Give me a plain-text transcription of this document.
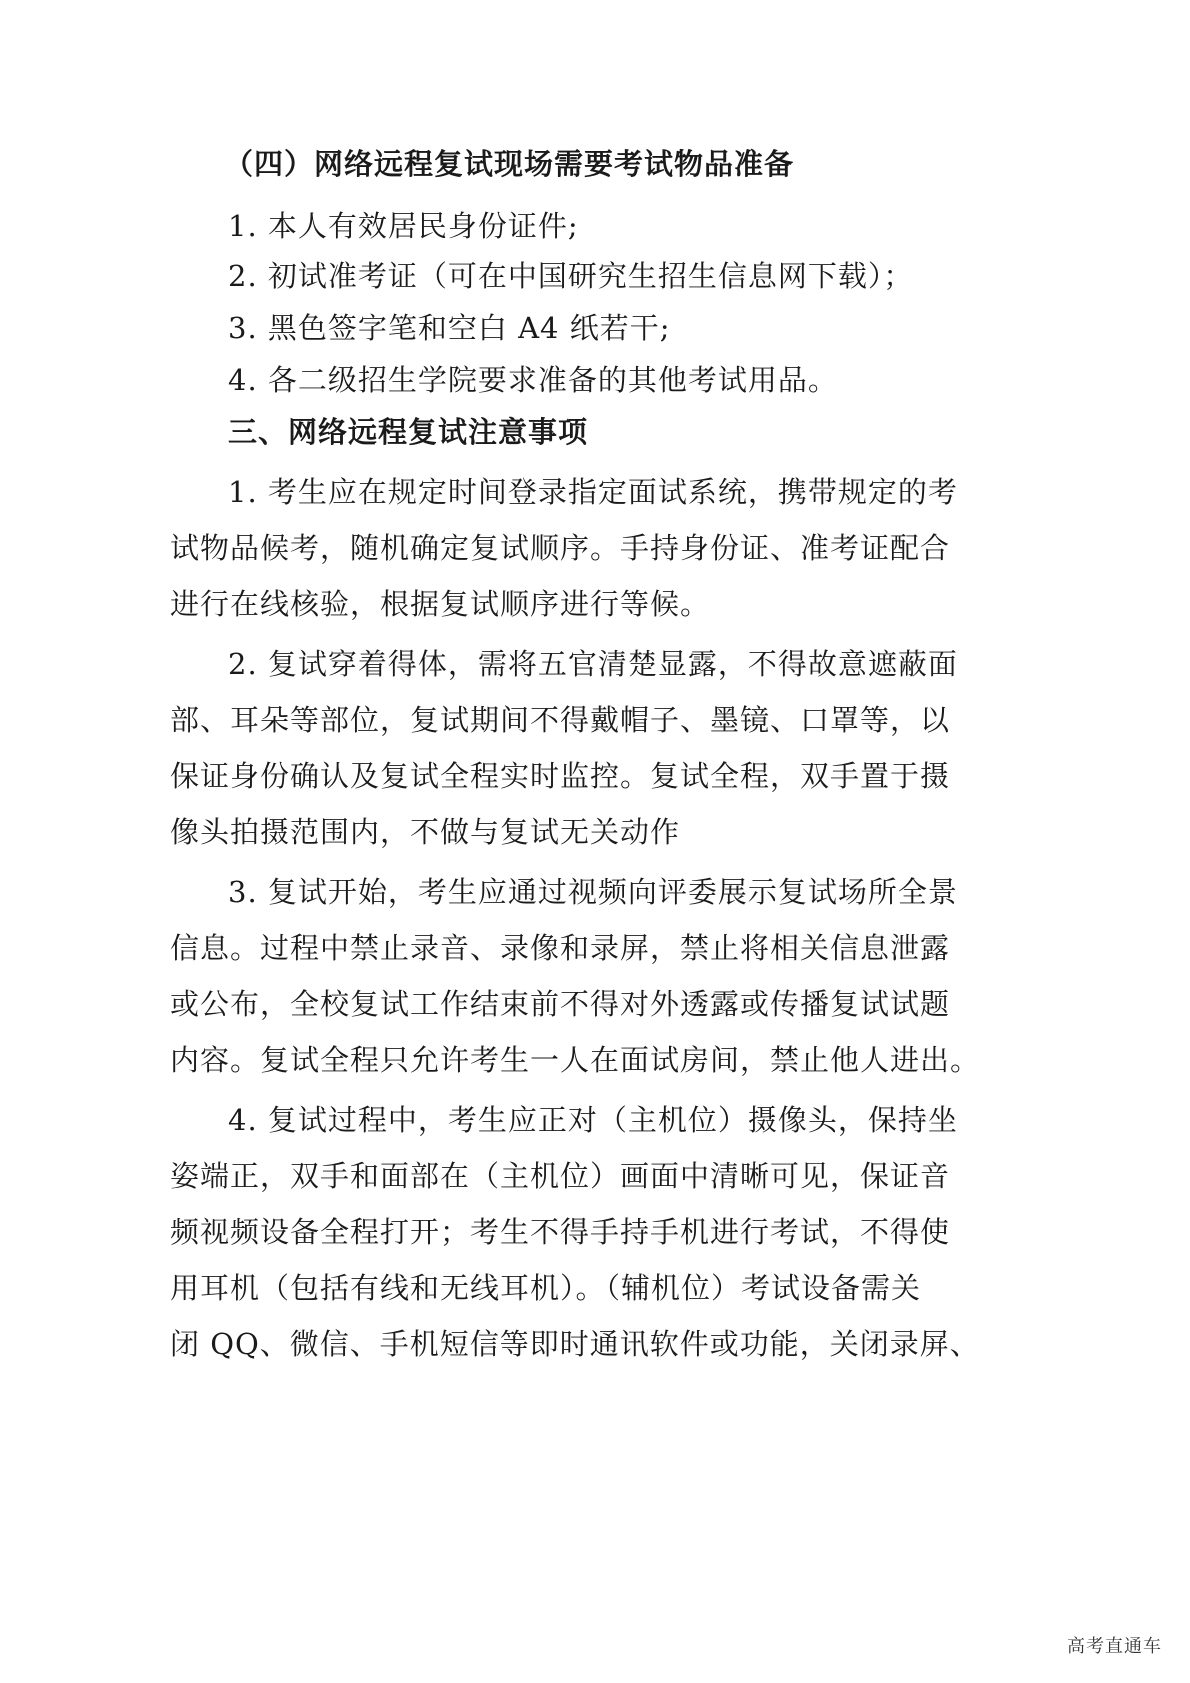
（四）网络远程复试现场需要考试物品准备
1. 本人有效居民身份证件;
2. 初试准考证（可在中国研究生招生信息网下载）；
3. 黑色签字笔和空白 A4 纸若干;
4. 各二级招生学院要求准备的其他考试用品。
三、网络远程复试注意事项
1. 考生应在规定时间登录指定面试系统，携带规定的考
试物品候考，随机确定复试顺序。手持身份证、准考证配合
进行在线核验，根据复试顺序进行等候。
2. 复试穿着得体，需将五官清楚显露，不得故意遮蔽面
部、耳朵等部位，复试期间不得戴帽子、墨镜、口罩等，以
保证身份确认及复试全程实时监控。复试全程，双手置于摄
像头拍摄范围内，不做与复试无关动作
3. 复试开始，考生应通过视频向评委展示复试场所全景
信息。过程中禁止录音、录像和录屏，禁止将相关信息泄露
或公布，全校复试工作结束前不得对外透露或传播复试试题
内容。复试全程只允许考生一人在面试房间，禁止他人进出。
4. 复试过程中，考生应正对（主机位）摄像头，保持坐
姿端正，双手和面部在（主机位）画面中清晰可见，保证音
频视频设备全程打开；考生不得手持手机进行考试，不得使
用耳机（包括有线和无线耳机）。（辅机位）考试设备需关
闭 QQ、微信、手机短信等即时通讯软件或功能，关闭录屏、
高考直通车
